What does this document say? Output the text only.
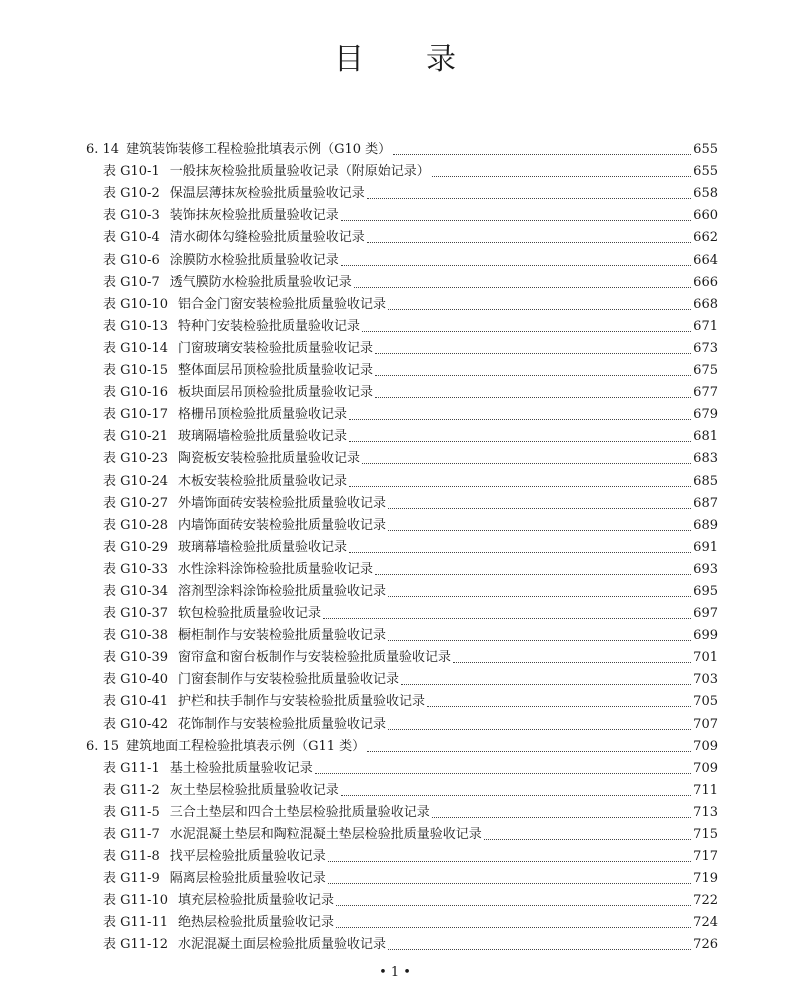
目 录
6. 14 建筑装饰装修工程检验批填表示例（G10 类）	655
表 G10-1 一般抹灰检验批质量验收记录（附原始记录）	655
表 G10-2 保温层薄抹灰检验批质量验收记录	658
表 G10-3 装饰抹灰检验批质量验收记录	660
表 G10-4 清水砌体勾缝检验批质量验收记录	662
表 G10-6 涂膜防水检验批质量验收记录	664
表 G10-7 透气膜防水检验批质量验收记录	666
表 G10-10 铝合金门窗安装检验批质量验收记录	668
表 G10-13 特种门安装检验批质量验收记录	671
表 G10-14 门窗玻璃安装检验批质量验收记录	673
表 G10-15 整体面层吊顶检验批质量验收记录	675
表 G10-16 板块面层吊顶检验批质量验收记录	677
表 G10-17 格栅吊顶检验批质量验收记录	679
表 G10-21 玻璃隔墙检验批质量验收记录	681
表 G10-23 陶瓷板安装检验批质量验收记录	683
表 G10-24 木板安装检验批质量验收记录	685
表 G10-27 外墙饰面砖安装检验批质量验收记录	687
表 G10-28 内墙饰面砖安装检验批质量验收记录	689
表 G10-29 玻璃幕墙检验批质量验收记录	691
表 G10-33 水性涂料涂饰检验批质量验收记录	693
表 G10-34 溶剂型涂料涂饰检验批质量验收记录	695
表 G10-37 软包检验批质量验收记录	697
表 G10-38 橱柜制作与安装检验批质量验收记录	699
表 G10-39 窗帘盒和窗台板制作与安装检验批质量验收记录	701
表 G10-40 门窗套制作与安装检验批质量验收记录	703
表 G10-41 护栏和扶手制作与安装检验批质量验收记录	705
表 G10-42 花饰制作与安装检验批质量验收记录	707
6. 15 建筑地面工程检验批填表示例（G11 类）	709
表 G11-1 基土检验批质量验收记录	709
表 G11-2 灰土垫层检验批质量验收记录	711
表 G11-5 三合土垫层和四合土垫层检验批质量验收记录	713
表 G11-7 水泥混凝土垫层和陶粒混凝土垫层检验批质量验收记录	715
表 G11-8 找平层检验批质量验收记录	717
表 G11-9 隔离层检验批质量验收记录	719
表 G11-10 填充层检验批质量验收记录	722
表 G11-11 绝热层检验批质量验收记录	724
表 G11-12 水泥混凝土面层检验批质量验收记录	726
• 1 •
